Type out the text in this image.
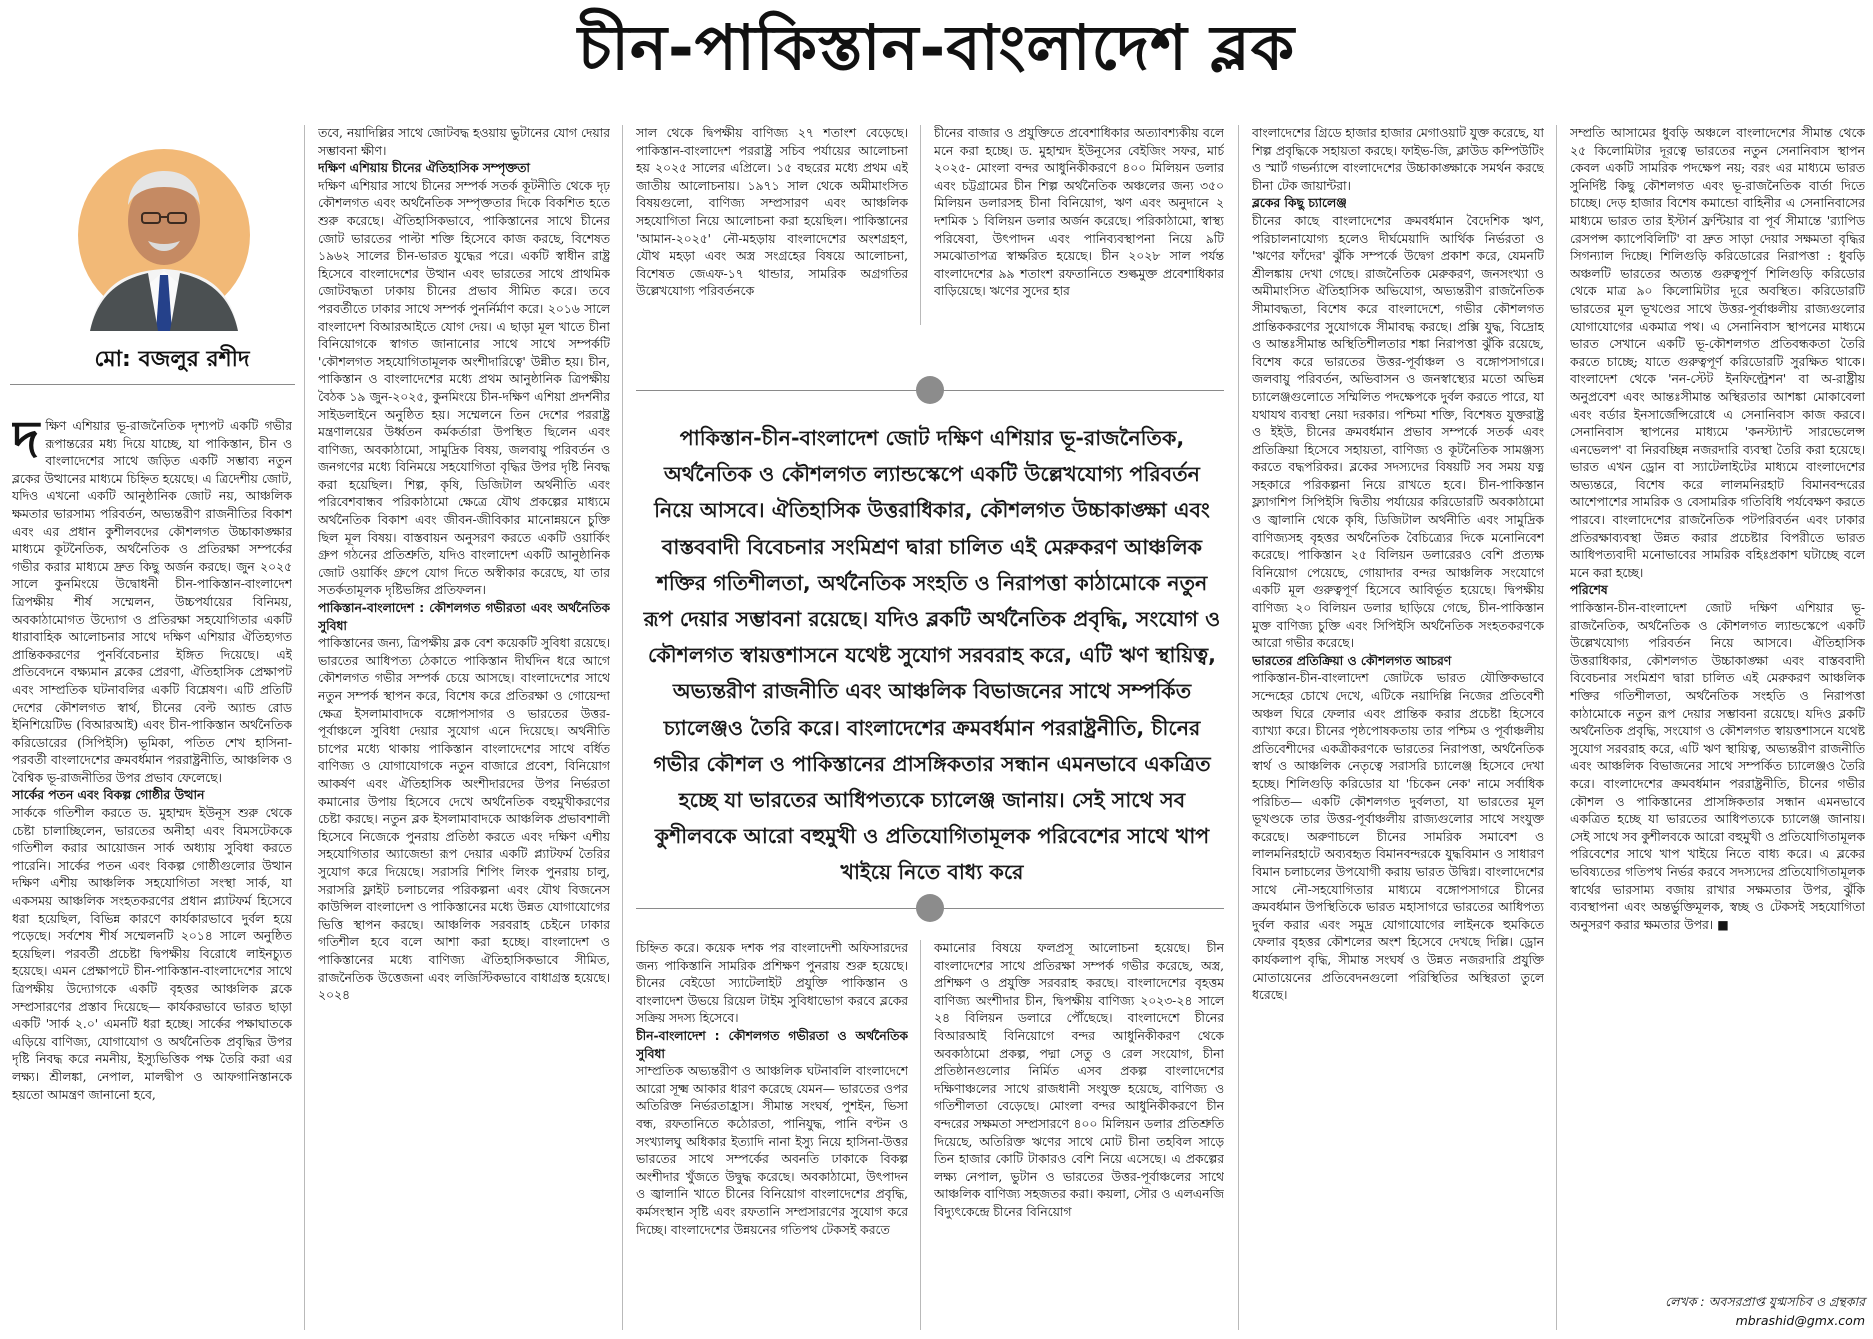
চীন-পাকিস্তান-বাংলাদেশ ব্লক
মো: বজলুর রশীদ

দক্ষিণ এশিয়ার ভূ-রাজনৈতিক দৃশ্যপট একটি গভীর রূপান্তরের মধ্য দিয়ে যাচ্ছে, যা পাকিস্তান, চীন ও বাংলাদেশের সাথে জড়িত একটি সম্ভাব্য নতুন ব্লকের উত্থানের মাধ্যমে চিহ্নিত হয়েছে। এ ত্রিদেশীয় জোট, যদিও এখনো একটি আনুষ্ঠানিক জোট নয়, আঞ্চলিক ক্ষমতার ভারসাম্য পরিবর্তন, অভ্যন্তরীণ রাজনীতির বিকাশ এবং এর প্রধান কুশীলবদের কৌশলগত উচ্চাকাঙ্ক্ষার মাধ্যমে কূটনৈতিক, অর্থনৈতিক ও প্রতিরক্ষা সম্পর্কের গভীর করার মাধ্যমে দ্রুত কিছু অর্জন করছে। জুন ২০২৫ সালে কুনমিংয়ে উদ্বোধনী চীন-পাকিস্তান-বাংলাদেশ ত্রিপক্ষীয় শীর্ষ সম্মেলন, উচ্চপর্যায়ের বিনিময়, অবকাঠামোগত উদ্যোগ ও প্রতিরক্ষা সহযোগিতার একটি ধারাবাহিক আলোচনার সাথে দক্ষিণ এশিয়ার ঐতিহ্যগত প্রান্তিককরণের পুনর্বিবেচনার ইঙ্গিত দিয়েছে। এই প্রতিবেদনে বক্ষ্যমান ব্লকের প্রেরণা, ঐতিহাসিক প্রেক্ষাপট এবং সাম্প্রতিক ঘটনাবলির একটি বিশ্লেষণ। এটি প্রতিটি দেশের কৌশলগত স্বার্থ, চীনের বেল্ট অ্যান্ড রোড ইনিশিয়েটিভ (বিআরআই) এবং চীন-পাকিস্তান অর্থনৈতিক করিডোরের (সিপিইসি) ভূমিকা, পতিত শেখ হাসিনা-পরবর্তী বাংলাদেশের ক্রমবর্ধমান পররাষ্ট্রনীতি, আঞ্চলিক ও বৈশ্বিক ভূ-রাজনীতির উপর প্রভাব ফেলেছে।

সার্কের পতন এবং বিকল্প গোষ্ঠীর উত্থান

সার্ককে গতিশীল করতে ড. মুহাম্মদ ইউনূস শুরু থেকে চেষ্টা চালাচ্ছিলেন, ভারতের অনীহা এবং বিমসটেককে গতিশীল করার আয়োজন সার্ক অধ্যায় সুবিধা করতে পারেনি। সার্কের পতন এবং বিকল্প গোষ্ঠীগুলোর উত্থান দক্ষিণ এশীয় আঞ্চলিক সহযোগিতা সংস্থা সার্ক, যা একসময় আঞ্চলিক সংহতকরণের প্রধান প্ল্যাটফর্ম হিসেবে ধরা হয়েছিল, বিভিন্ন কারণে কার্যকারভাবে দুর্বল হয়ে পড়েছে। সর্বশেষ শীর্ষ সম্মেলনটি ২০১৪ সালে অনুষ্ঠিত হয়েছিল। পরবর্তী প্রচেষ্টা দ্বিপক্ষীয় বিরোধে লাইনচ্যুত হয়েছে। এমন প্রেক্ষাপটে চীন-পাকিস্তান-বাংলাদেশের সাথে ত্রিপক্ষীয় উদ্যোগকে একটি বৃহত্তর আঞ্চলিক ব্লকে সম্প্রসারণের প্রস্তাব দিয়েছে— কার্যকরভাবে ভারত ছাড়া একটি 'সার্ক ২.০' এমনটি ধরা হচ্ছে। সার্কের পক্ষাঘাতকে এড়িয়ে বাণিজ্য, যোগাযোগ ও অর্থনৈতিক প্রবৃদ্ধির উপর দৃষ্টি নিবদ্ধ করে নমনীয়, ইস্যুভিত্তিক পক্ষ তৈরি করা এর লক্ষ্য। শ্রীলঙ্কা, নেপাল, মালদ্বীপ ও আফগানিস্তানকে হয়তো আমন্ত্রণ জানানো হবে,

তবে, নয়াদিল্লির সাথে জোটবদ্ধ হওয়ায় ভুটানের যোগ দেয়ার সম্ভাবনা ক্ষীণ।

দক্ষিণ এশিয়ায় চীনের ঐতিহাসিক সম্পৃক্ততা

দক্ষিণ এশিয়ার সাথে চীনের সম্পর্ক সতর্ক কূটনীতি থেকে দৃঢ় কৌশলগত এবং অর্থনৈতিক সম্পৃক্ততার দিকে বিকশিত হতে শুরু করেছে। ঐতিহাসিকভাবে, পাকিস্তানের সাথে চীনের জোট ভারতের পাল্টা শক্তি হিসেবে কাজ করছে, বিশেষত ১৯৬২ সালের চীন-ভারত যুদ্ধের পরে। একটি স্বাধীন রাষ্ট্র হিসেবে বাংলাদেশের উত্থান এবং ভারতের সাথে প্রাথমিক জোটবদ্ধতা ঢাকায় চীনের প্রভাব সীমিত করে। তবে পরবর্তীতে ঢাকার সাথে সম্পর্ক পুনর্নির্মাণ করে। ২০১৬ সালে বাংলাদেশ বিআরআইতে যোগ দেয়। এ ছাড়া মূল খাতে চীনা বিনিয়োগকে স্বাগত জানানোর সাথে সাথে সম্পর্কটি 'কৌশলগত সহযোগিতামূলক অংশীদারিত্বে' উন্নীত হয়। চীন, পাকিস্তান ও বাংলাদেশের মধ্যে প্রথম আনুষ্ঠানিক ত্রিপক্ষীয় বৈঠক ১৯ জুন-২০২৫, কুনমিংয়ে চীন-দক্ষিণ এশিয়া প্রদর্শনীর সাইডলাইনে অনুষ্ঠিত হয়। সম্মেলনে তিন দেশের পররাষ্ট্র মন্ত্রণালয়ের উর্ধ্বতন কর্মকর্তারা উপস্থিত ছিলেন এবং বাণিজ্য, অবকাঠামো, সামুদ্রিক বিষয়, জলবায়ু পরিবর্তন ও জনগণের মধ্যে বিনিময়ে সহযোগিতা বৃদ্ধির উপর দৃষ্টি নিবদ্ধ করা হয়েছিল। শিল্প, কৃষি, ডিজিটাল অর্থনীতি এবং পরিবেশবান্ধব পরিকাঠামো ক্ষেত্রে যৌথ প্রকল্পের মাধ্যমে অর্থনৈতিক বিকাশ এবং জীবন-জীবিকার মানোন্নয়নে চুক্তি ছিল মূল বিষয়। বাস্তবায়ন অনুসরণ করতে একটি ওয়ার্কিং গ্রুপ গঠনের প্রতিশ্রুতি, যদিও বাংলাদেশ একটি আনুষ্ঠানিক জোট ওয়ার্কিং গ্রুপে যোগ দিতে অস্বীকার করেছে, যা তার সতর্কতামূলক দৃষ্টিভঙ্গির প্রতিফলন।

পাকিস্তান-বাংলাদেশ : কৌশলগত গভীরতা এবং অর্থনৈতিক সুবিধা

পাকিস্তানের জন্য, ত্রিপক্ষীয় ব্লক বেশ কয়েকটি সুবিধা রয়েছে। ভারতের আধিপত্য ঠেকাতে পাকিস্তান দীর্ঘদিন ধরে আগে কৌশলগত গভীর সম্পর্ক চেয়ে আসছে। বাংলাদেশের সাথে নতুন সম্পর্ক স্থাপন করে, বিশেষ করে প্রতিরক্ষা ও গোয়েন্দা ক্ষেত্র ইসলামাবাদকে বঙ্গোপসাগর ও ভারতের উত্তর-পূর্বাঞ্চলে সুবিধা দেয়ার সুযোগ এনে দিয়েছে। অর্থনীতি চাপের মধ্যে থাকায় পাকিস্তান বাংলাদেশের সাথে বর্ধিত বাণিজ্য ও যোগাযোগকে নতুন বাজারে প্রবেশ, বিনিয়োগ আকর্ষণ এবং ঐতিহাসিক অংশীদারদের উপর নির্ভরতা কমানোর উপায় হিসেবে দেখে অর্থনৈতিক বহুমুখীকরণের চেষ্টা করছে। নতুন ব্লক ইসলামাবাদকে আঞ্চলিক প্রভাবশালী হিসেবে নিজেকে পুনরায় প্রতিষ্ঠা করতে এবং দক্ষিণ এশীয় সহযোগিতার অ্যাজেন্ডা রূপ দেয়ার একটি প্ল্যাটফর্ম তৈরির সুযোগ করে দিয়েছে। সরাসরি শিপিং লিংক পুনরায় চালু, সরাসরি ফ্লাইট চলাচলের পরিকল্পনা এবং যৌথ বিজনেস কাউন্সিল বাংলাদেশ ও পাকিস্তানের মধ্যে উন্নত যোগাযোগের ভিত্তি স্থাপন করছে। আঞ্চলিক সরবরাহ চেইনে ঢাকার গতিশীল হবে বলে আশা করা হচ্ছে। বাংলাদেশ ও পাকিস্তানের মধ্যে বাণিজ্য ঐতিহাসিকভাবে সীমিত, রাজনৈতিক উত্তেজনা এবং লজিস্টিকভাবে বাধাগ্রস্ত হয়েছে। ২০২৪

সাল থেকে দ্বিপক্ষীয় বাণিজ্য ২৭ শতাংশ বেড়েছে। পাকিস্তান-বাংলাদেশ পররাষ্ট্র সচিব পর্যায়ের আলোচনা হয় ২০২৫ সালের এপ্রিলে। ১৫ বছরের মধ্যে প্রথম এই জাতীয় আলোচনায়। ১৯৭১ সাল থেকে অমীমাংসিত বিষয়গুলো, বাণিজ্য সম্প্রসারণ এবং আঞ্চলিক সহযোগিতা নিয়ে আলোচনা করা হয়েছিল। পাকিস্তানের 'আমান-২০২৫' নৌ-মহড়ায় বাংলাদেশের অংশগ্রহণ, যৌথ মহড়া এবং অস্ত্র সংগ্রহের বিষয়ে আলোচনা, বিশেষত জেএফ-১৭ থান্ডার, সামরিক অগ্রগতির উল্লেখযোগ্য পরিবর্তনকে

চীনের বাজার ও প্রযুক্তিতে প্রবেশাধিকার অত্যাবশ্যকীয় বলে মনে করা হচ্ছে। ড. মুহাম্মদ ইউনূসের বেইজিং সফর, মার্চ ২০২৫- মোংলা বন্দর আধুনিকীকরণে ৪০০ মিলিয়ন ডলার এবং চট্টগ্রামের চীন শিল্প অর্থনৈতিক অঞ্চলের জন্য ৩৫০ মিলিয়ন ডলারসহ চীনা বিনিয়োগ, ঋণ এবং অনুদানে ২ দশমিক ১ বিলিয়ন ডলার অর্জন করেছে। পরিকাঠামো, স্বাস্থ্য পরিষেবা, উৎপাদন এবং পানিব্যবস্থাপনা নিয়ে ৯টি সমঝোতাপত্র স্বাক্ষরিত হয়েছে। চীন ২০২৮ সাল পর্যন্ত বাংলাদেশের ৯৯ শতাংশ রফতানিতে শুল্কমুক্ত প্রবেশাধিকার বাড়িয়েছে। ঋণের সুদের হার

পাকিস্তান-চীন-বাংলাদেশ জোট দক্ষিণ এশিয়ার ভূ-রাজনৈতিক, অর্থনৈতিক ও কৌশলগত ল্যান্ডস্কেপে একটি উল্লেখযোগ্য পরিবর্তন নিয়ে আসবে। ঐতিহাসিক উত্তরাধিকার, কৌশলগত উচ্চাকাঙ্ক্ষা এবং বাস্তববাদী বিবেচনার সংমিশ্রণ দ্বারা চালিত এই মেরুকরণ আঞ্চলিক শক্তির গতিশীলতা, অর্থনৈতিক সংহতি ও নিরাপত্তা কাঠামোকে নতুন রূপ দেয়ার সম্ভাবনা রয়েছে। যদিও ব্লকটি অর্থনৈতিক প্রবৃদ্ধি, সংযোগ ও কৌশলগত স্বায়ত্তশাসনে যথেষ্ট সুযোগ সরবরাহ করে, এটি ঋণ স্থায়িত্ব, অভ্যন্তরীণ রাজনীতি এবং আঞ্চলিক বিভাজনের সাথে সম্পর্কিত চ্যালেঞ্জও তৈরি করে। বাংলাদেশের ক্রমবর্ধমান পররাষ্ট্রনীতি, চীনের গভীর কৌশল ও পাকিস্তানের প্রাসঙ্গিকতার সন্ধান এমনভাবে একত্রিত হচ্ছে যা ভারতের আধিপত্যকে চ্যালেঞ্জ জানায়। সেই সাথে সব কুশীলবকে আরো বহুমুখী ও প্রতিযোগিতামূলক পরিবেশের সাথে খাপ খাইয়ে নিতে বাধ্য করে

চিহ্নিত করে। কয়েক দশক পর বাংলাদেশী অফিসারদের জন্য পাকিস্তানি সামরিক প্রশিক্ষণ পুনরায় শুরু হয়েছে। চীনের বেইডো স্যাটেলাইট প্রযুক্তি পাকিস্তান ও বাংলাদেশ উভয়ে রিয়েল টাইম সুবিধাভোগ করবে ব্লকের সক্রিয় সদস্য হিসেবে।

চীন-বাংলাদেশ : কৌশলগত গভীরতা ও অর্থনৈতিক সুবিধা

সাম্প্রতিক অভ্যন্তরীণ ও আঞ্চলিক ঘটনাবলি বাংলাদেশে আরো সূক্ষ্ম আকার ধারণ করেছে যেমন— ভারতের ওপর অতিরিক্ত নির্ভরতাহ্রাস। সীমান্ত সংঘর্ষ, পুশইন, ভিসা বন্ধ, রফতানিতে কঠোরতা, পানিযুদ্ধ, পানি বণ্টন ও সংখ্যালঘু অধিকার ইত্যাদি নানা ইস্যু নিয়ে হাসিনা-উত্তর ভারতের সাথে সম্পর্কের অবনতি ঢাকাকে বিকল্প অংশীদার খুঁজতে উদ্বুদ্ধ করেছে। অবকাঠামো, উৎপাদন ও জ্বালানি খাতে চীনের বিনিয়োগ বাংলাদেশের প্রবৃদ্ধি, কর্মসংস্থান সৃষ্টি এবং রফতানি সম্প্রসারণের সুযোগ করে দিচ্ছে। বাংলাদেশের উন্নয়নের গতিপথ টেকসই করতে

কমানোর বিষয়ে ফলপ্রসূ আলোচনা হয়েছে। চীন বাংলাদেশের সাথে প্রতিরক্ষা সম্পর্ক গভীর করেছে, অস্ত্র, প্রশিক্ষণ ও প্রযুক্তি সরবরাহ করছে। বাংলাদেশের বৃহত্তম বাণিজ্য অংশীদার চীন, দ্বিপক্ষীয় বাণিজ্য ২০২৩-২৪ সালে ২৪ বিলিয়ন ডলারে পৌঁছেছে। বাংলাদেশে চীনের বিআরআই বিনিয়োগে বন্দর আধুনিকীকরণ থেকে অবকাঠামো প্রকল্প, পদ্মা সেতু ও রেল সংযোগ, চীনা প্রতিষ্ঠানগুলোর নির্মিত এসব প্রকল্প বাংলাদেশের দক্ষিণাঞ্চলের সাথে রাজধানী সংযুক্ত হয়েছে, বাণিজ্য ও গতিশীলতা বেড়েছে। মোংলা বন্দর আধুনিকীকরণে চীন বন্দরের সক্ষমতা সম্প্রসারণে ৪০০ মিলিয়ন ডলার প্রতিশ্রুতি দিয়েছে, অতিরিক্ত ঋণের সাথে মোট চীনা তহবিল সাড়ে তিন হাজার কোটি টাকারও বেশি নিয়ে এসেছে। এ প্রকল্পের লক্ষ্য নেপাল, ভুটান ও ভারতের উত্তর-পূর্বাঞ্চলের সাথে আঞ্চলিক বাণিজ্য সহজতর করা। কয়লা, সৌর ও এলএনজি বিদ্যুৎকেন্দ্রে চীনের বিনিয়োগ

বাংলাদেশের গ্রিডে হাজার হাজার মেগাওয়াট যুক্ত করেছে, যা শিল্প প্রবৃদ্ধিকে সহায়তা করছে। ফাইভ-জি, ক্লাউড কম্পিউটিং ও স্মার্ট গভর্ন্যান্সে বাংলাদেশের উচ্চাকাঙ্ক্ষাকে সমর্থন করছে চীনা টেক জায়ান্টরা।

ব্লকের কিছু চ্যালেঞ্জ

চীনের কাছে বাংলাদেশের ক্রমবর্ধমান বৈদেশিক ঋণ, পরিচালনাযোগ্য হলেও দীর্ঘমেয়াদি আর্থিক নির্ভরতা ও 'ঋণের ফাঁদের' ঝুঁকি সম্পর্কে উদ্বেগ প্রকাশ করে, যেমনটি শ্রীলঙ্কায় দেখা গেছে। রাজনৈতিক মেরুকরণ, জনসংখ্যা ও অমীমাংসিত ঐতিহাসিক অভিযোগ, অভ্যন্তরীণ রাজনৈতিক সীমাবদ্ধতা, বিশেষ করে বাংলাদেশে, গভীর কৌশলগত প্রান্তিককরণের সুযোগকে সীমাবদ্ধ করছে। প্রক্সি যুদ্ধ, বিদ্রোহ ও আন্তঃসীমান্ত অস্থিতিশীলতার শঙ্কা নিরাপত্তা ঝুঁকি রয়েছে, বিশেষ করে ভারতের উত্তর-পূর্বাঞ্চল ও বঙ্গোপসাগরে। জলবায়ু পরিবর্তন, অভিবাসন ও জনস্বাস্থ্যের মতো অভিন্ন চ্যালেঞ্জগুলোতে সম্মিলিত পদক্ষেপকে দুর্বল করতে পারে, যা যথাযথ ব্যবস্থা নেয়া দরকার। পশ্চিমা শক্তি, বিশেষত যুক্তরাষ্ট্র ও ইইউ, চীনের ক্রমবর্ধমান প্রভাব সম্পর্কে সতর্ক এবং প্রতিক্রিয়া হিসেবে সহায়তা, বাণিজ্য ও কূটনৈতিক সামঞ্জস্য করতে বদ্ধপরিকর। ব্লকের সদস্যদের বিষয়টি সব সময় যত্ন সহকারে পরিকল্পনা নিয়ে রাখতে হবে। চীন-পাকিস্তান ফ্ল্যাগশিপ সিপিইসি দ্বিতীয় পর্যায়ের করিডোরটি অবকাঠামো ও জ্বালানি থেকে কৃষি, ডিজিটাল অর্থনীতি এবং সামুদ্রিক বাণিজ্যসহ বৃহত্তর অর্থনৈতিক বৈচিত্র্যের দিকে মনোনিবেশ করেছে। পাকিস্তান ২৫ বিলিয়ন ডলারেরও বেশি প্রত্যক্ষ বিনিয়োগ পেয়েছে, গোয়াদার বন্দর আঞ্চলিক সংযোগে একটি মূল গুরুত্বপূর্ণ হিসেবে আবির্ভূত হয়েছে। দ্বিপক্ষীয় বাণিজ্য ২০ বিলিয়ন ডলার ছাড়িয়ে গেছে, চীন-পাকিস্তান মুক্ত বাণিজ্য চুক্তি এবং সিপিইসি অর্থনৈতিক সংহতকরণকে আরো গভীর করেছে।

ভারতের প্রতিক্রিয়া ও কৌশলগত আচরণ

পাকিস্তান-চীন-বাংলাদেশ জোটকে ভারত যৌক্তিকভাবে সন্দেহের চোখে দেখে, এটিকে নয়াদিল্লি নিজের প্রতিবেশী অঞ্চল ঘিরে ফেলার এবং প্রান্তিক করার প্রচেষ্টা হিসেবে ব্যাখ্যা করে। চীনের পৃষ্ঠপোষকতায় তার পশ্চিম ও পূর্বাঞ্চলীয় প্রতিবেশীদের একত্রীকরণকে ভারতের নিরাপত্তা, অর্থনৈতিক স্বার্থ ও আঞ্চলিক নেতৃত্বে সরাসরি চ্যালেঞ্জ হিসেবে দেখা হচ্ছে। শিলিগুড়ি করিডোর যা 'চিকেন নেক' নামে সর্বাধিক পরিচিত— একটি কৌশলগত দুর্বলতা, যা ভারতের মূল ভূখণ্ডকে তার উত্তর-পূর্বাঞ্চলীয় রাজ্যগুলোর সাথে সংযুক্ত করেছে। অরুণাচলে চীনের সামরিক সমাবেশ ও লালমনিরহাটে অব্যবহৃত বিমানবন্দরকে যুদ্ধবিমান ও সাধারণ বিমান চলাচলের উপযোগী করায় ভারত উদ্বিগ্ন। বাংলাদেশের সাথে নৌ-সহযোগিতার মাধ্যমে বঙ্গোপসাগরে চীনের ক্রমবর্ধমান উপস্থিতিকে ভারত মহাসাগরে ভারতের আধিপত্য দুর্বল করার এবং সমুদ্র যোগাযোগের লাইনকে হুমকিতে ফেলার বৃহত্তর কৌশলের অংশ হিসেবে দেখছে দিল্লি। ড্রোন কার্যকলাপ বৃদ্ধি, সীমান্ত সংঘর্ষ ও উন্নত নজরদারি প্রযুক্তি মোতায়েনের প্রতিবেদনগুলো পরিস্থিতির অস্থিরতা তুলে ধরেছে।

সম্প্রতি আসামের ধুবড়ি অঞ্চলে বাংলাদেশের সীমান্ত থেকে ২৫ কিলোমিটার দূরত্বে ভারতের নতুন সেনানিবাস স্থাপন কেবল একটি সামরিক পদক্ষেপ নয়; বরং এর মাধ্যমে ভারত সুনির্দিষ্ট কিছু কৌশলগত এবং ভূ-রাজনৈতিক বার্তা দিতে চাচ্ছে। দেড় হাজার বিশেষ কমান্ডো বাহিনীর এ সেনানিবাসের মাধ্যমে ভারত তার ইস্টার্ন ফ্রন্টিয়ার বা পূর্ব সীমান্তে 'র‍্যাপিড রেসপন্স ক্যাপেবিলিটি' বা দ্রুত সাড়া দেয়ার সক্ষমতা বৃদ্ধির সিগন্যাল দিচ্ছে। শিলিগুড়ি করিডোরের নিরাপত্তা : ধুবড়ি অঞ্চলটি ভারতের অত্যন্ত গুরুত্বপূর্ণ শিলিগুড়ি করিডোর থেকে মাত্র ৯০ কিলোমিটার দূরে অবস্থিত। করিডোরটি ভারতের মূল ভূখণ্ডের সাথে উত্তর-পূর্বাঞ্চলীয় রাজ্যগুলোর যোগাযোগের একমাত্র পথ। এ সেনানিবাস স্থাপনের মাধ্যমে ভারত সেখানে একটি ভূ-কৌশলগত প্রতিবন্ধকতা তৈরি করতে চাচ্ছে; যাতে গুরুত্বপূর্ণ করিডোরটি সুরক্ষিত থাকে। বাংলাদেশ থেকে 'নন-স্টেট ইনফিল্ট্রেশন' বা অ-রাষ্ট্রীয় অনুপ্রবেশ এবং আন্তঃসীমান্ত অস্থিরতার আশঙ্কা মোকাবেলা এবং বর্ডার ইনসার্জেন্সিরোধে এ সেনানিবাস কাজ করবে। সেনানিবাস স্থাপনের মাধ্যমে 'কনস্ট্যান্ট সারভেলেন্স এনভেলপ' বা নিরবচ্ছিন্ন নজরদারি ব্যবস্থা তৈরি করা হয়েছে। ভারত এখন ড্রোন বা স্যাটেলাইটের মাধ্যমে বাংলাদেশের অভ্যন্তরে, বিশেষ করে লালমনিরহাট বিমানবন্দরের আশেপাশের সামরিক ও বেসামরিক গতিবিধি পর্যবেক্ষণ করতে পারবে। বাংলাদেশের রাজনৈতিক পটপরিবর্তন এবং ঢাকার প্রতিরক্ষাব্যবস্থা উন্নত করার প্রচেষ্টার বিপরীতে ভারত আধিপত্যবাদী মনোভাবের সামরিক বহিঃপ্রকাশ ঘটাচ্ছে বলে মনে করা হচ্ছে।

পরিশেষ

পাকিস্তান-চীন-বাংলাদেশ জোট দক্ষিণ এশিয়ার ভূ-রাজনৈতিক, অর্থনৈতিক ও কৌশলগত ল্যান্ডস্কেপে একটি উল্লেখযোগ্য পরিবর্তন নিয়ে আসবে। ঐতিহাসিক উত্তরাধিকার, কৌশলগত উচ্চাকাঙ্ক্ষা এবং বাস্তববাদী বিবেচনার সংমিশ্রণ দ্বারা চালিত এই মেরুকরণ আঞ্চলিক শক্তির গতিশীলতা, অর্থনৈতিক সংহতি ও নিরাপত্তা কাঠামোকে নতুন রূপ দেয়ার সম্ভাবনা রয়েছে। যদিও ব্লকটি অর্থনৈতিক প্রবৃদ্ধি, সংযোগ ও কৌশলগত স্বায়ত্তশাসনে যথেষ্ট সুযোগ সরবরাহ করে, এটি ঋণ স্থায়িত্ব, অভ্যন্তরীণ রাজনীতি এবং আঞ্চলিক বিভাজনের সাথে সম্পর্কিত চ্যালেঞ্জও তৈরি করে। বাংলাদেশের ক্রমবর্ধমান পররাষ্ট্রনীতি, চীনের গভীর কৌশল ও পাকিস্তানের প্রাসঙ্গিকতার সন্ধান এমনভাবে একত্রিত হচ্ছে যা ভারতের আধিপত্যকে চ্যালেঞ্জ জানায়। সেই সাথে সব কুশীলবকে আরো বহুমুখী ও প্রতিযোগিতামূলক পরিবেশের সাথে খাপ খাইয়ে নিতে বাধ্য করে। এ ব্লকের ভবিষ্যতের গতিপথ নির্ভর করবে সদস্যদের প্রতিযোগিতামূলক স্বার্থের ভারসাম্য বজায় রাখার সক্ষমতার উপর, ঝুঁকি ব্যবস্থাপনা এবং অন্তর্ভুক্তিমূলক, স্বচ্ছ ও টেকসই সহযোগিতা অনুসরণ করার ক্ষমতার উপর। ■

লেখক : অবসরপ্রাপ্ত যুগ্মসচিব ও গ্রন্থকার
mbrashid@gmx.com
